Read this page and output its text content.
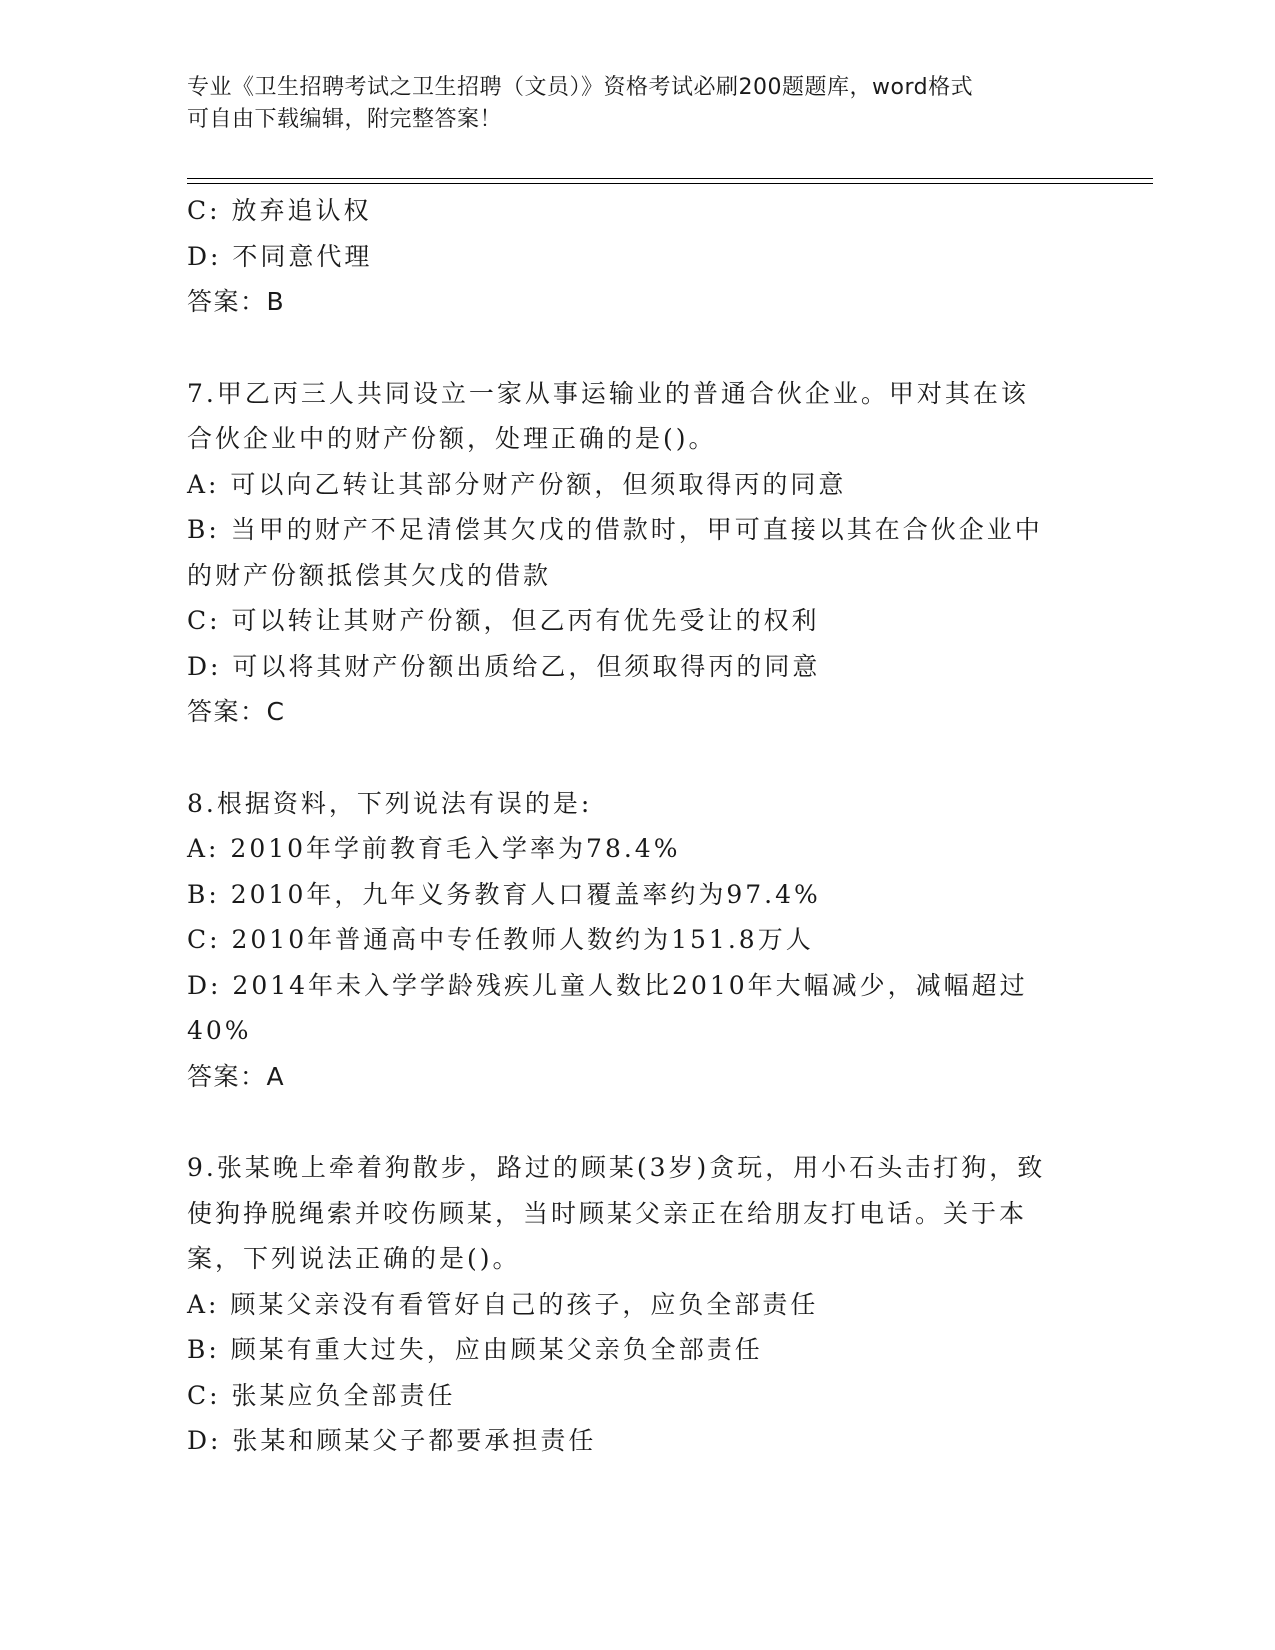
专业《卫生招聘考试之卫生招聘（文员）》资格考试必刷200题题库，word格式
可自由下载编辑，附完整答案！
C: 放弃追认权
D: 不同意代理
答案：B
7.甲乙丙三人共同设立一家从事运输业的普通合伙企业。甲对其在该
合伙企业中的财产份额，处理正确的是()。
A: 可以向乙转让其部分财产份额，但须取得丙的同意
B: 当甲的财产不足清偿其欠戊的借款时，甲可直接以其在合伙企业中
的财产份额抵偿其欠戊的借款
C: 可以转让其财产份额，但乙丙有优先受让的权利
D: 可以将其财产份额出质给乙，但须取得丙的同意
答案：C
8.根据资料，下列说法有误的是:
A: 2010年学前教育毛入学率为78.4%
B: 2010年，九年义务教育人口覆盖率约为97.4%
C: 2010年普通高中专任教师人数约为151.8万人
D: 2014年未入学学龄残疾儿童人数比2010年大幅减少，减幅超过
40%
答案：A
9.张某晚上牵着狗散步，路过的顾某(3岁)贪玩，用小石头击打狗，致
使狗挣脱绳索并咬伤顾某，当时顾某父亲正在给朋友打电话。关于本
案，下列说法正确的是()。
A: 顾某父亲没有看管好自己的孩子，应负全部责任
B: 顾某有重大过失，应由顾某父亲负全部责任
C: 张某应负全部责任
D: 张某和顾某父子都要承担责任
